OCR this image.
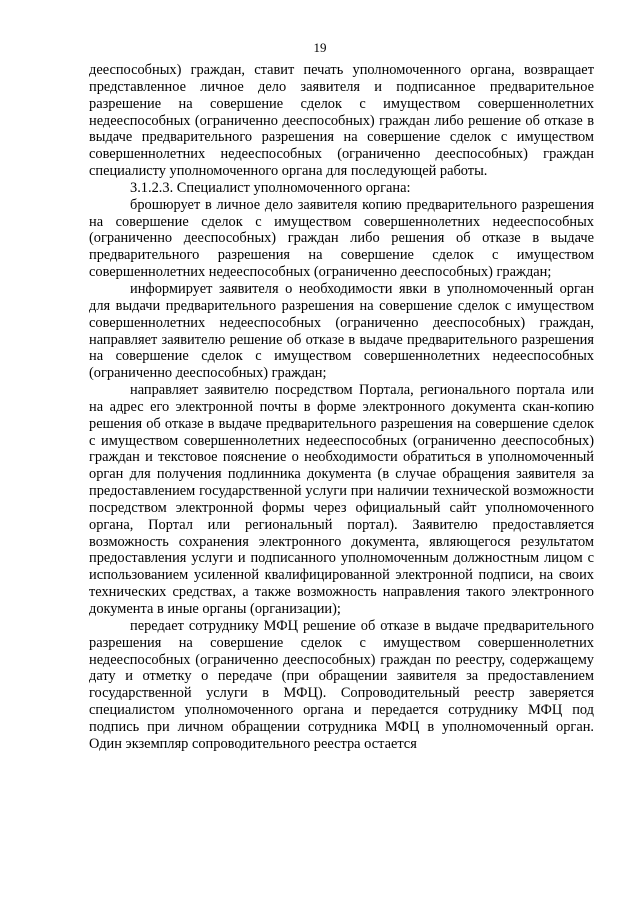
19

дееспособных) граждан, ставит печать уполномоченного органа, возвращает представленное личное дело заявителя и подписанное предварительное разрешение на совершение сделок с имуществом совершеннолетних недееспособных (ограниченно дееспособных) граждан либо решение об отказе в выдаче предварительного разрешения на совершение сделок с имуществом совершеннолетних недееспособных (ограниченно дееспособных) граждан специалисту уполномоченного органа для последующей работы.

3.1.2.3. Специалист уполномоченного органа:

брошюрует в личное дело заявителя копию предварительного разрешения на совершение сделок с имуществом совершеннолетних недееспособных (ограниченно дееспособных) граждан либо решения об отказе в выдаче предварительного разрешения на совершение сделок с имуществом совершеннолетних недееспособных (ограниченно дееспособных) граждан;

информирует заявителя о необходимости явки в уполномоченный орган для выдачи предварительного разрешения на совершение сделок с имуществом совершеннолетних недееспособных (ограниченно дееспособных) граждан, направляет заявителю решение об отказе в выдаче предварительного разрешения на совершение сделок с имуществом совершеннолетних недееспособных (ограниченно дееспособных) граждан;

направляет заявителю посредством Портала, регионального портала или на адрес его электронной почты в форме электронного документа скан-копию решения об отказе в выдаче предварительного разрешения на совершение сделок с имуществом совершеннолетних недееспособных (ограниченно дееспособных) граждан и текстовое пояснение о необходимости обратиться в уполномоченный орган для получения подлинника документа (в случае обращения заявителя за предоставлением государственной услуги при наличии технической возможности посредством электронной формы через официальный сайт уполномоченного органа, Портал или региональный портал). Заявителю предоставляется возможность сохранения электронного документа, являющегося результатом предоставления услуги и подписанного уполномоченным должностным лицом с использованием усиленной квалифицированной электронной подписи, на своих технических средствах, а также возможность направления такого электронного документа в иные органы (организации);

передает сотруднику МФЦ решение об отказе в выдаче предварительного разрешения на совершение сделок с имуществом совершеннолетних недееспособных (ограниченно дееспособных) граждан по реестру, содержащему дату и отметку о передаче (при обращении заявителя за предоставлением государственной услуги в МФЦ). Сопроводительный реестр заверяется специалистом уполномоченного органа и передается сотруднику МФЦ под подпись при личном обращении сотрудника МФЦ в уполномоченный орган. Один экземпляр сопроводительного реестра остается
